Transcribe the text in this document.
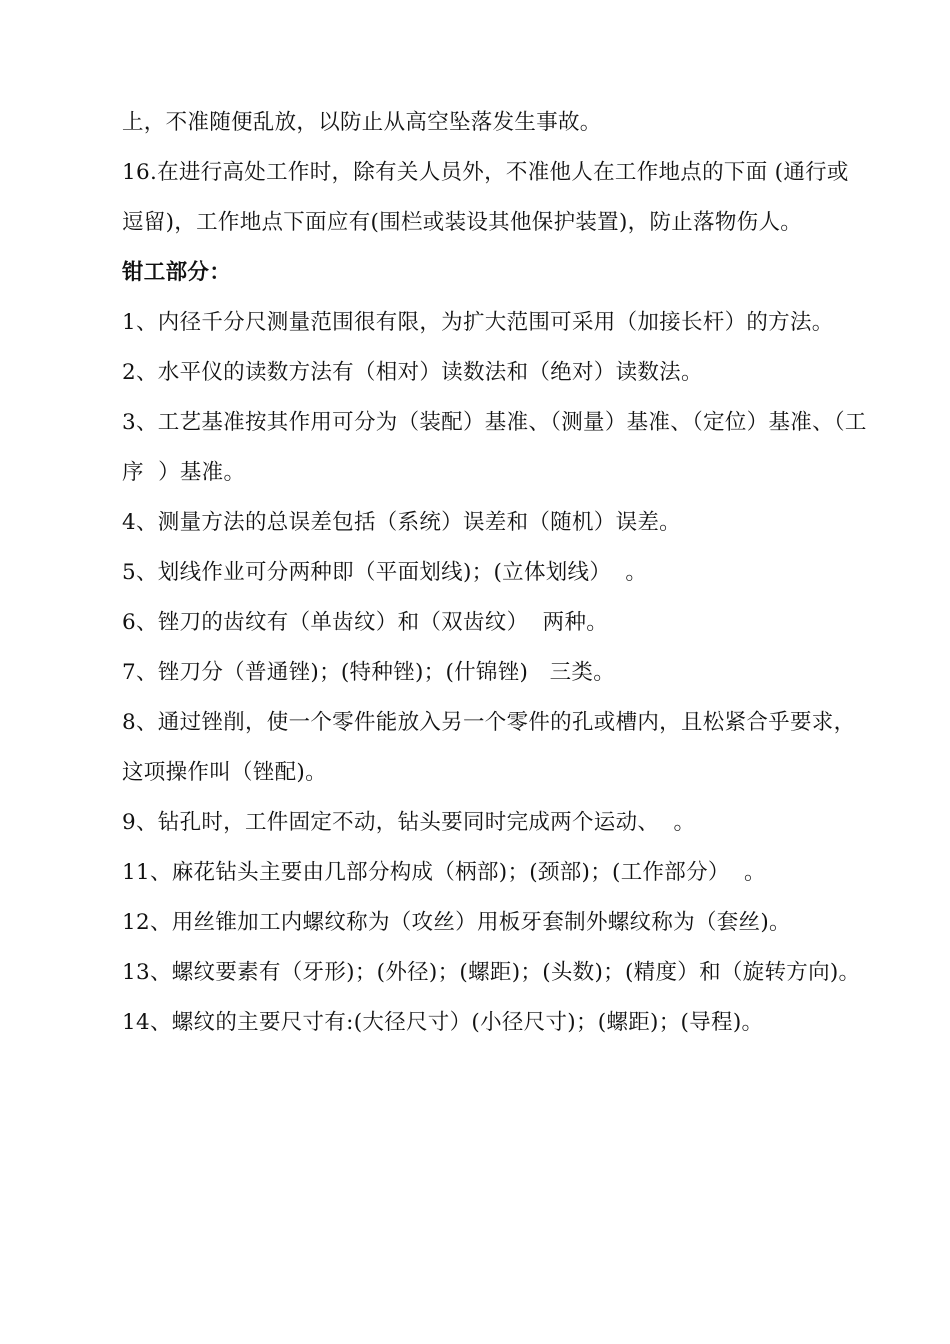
上，不准随便乱放，以防止从高空坠落发生事故。

16.在进行高处工作时，除有关人员外，不准他人在工作地点的下面 (通行或逗留)，工作地点下面应有(围栏或装设其他保护装置)，防止落物伤人。

钳工部分：

1、内径千分尺测量范围很有限，为扩大范围可采用（加接长杆）的方法。

2、水平仪的读数方法有（相对）读数法和（绝对）读数法。

3、工艺基准按其作用可分为（装配）基准、（测量）基准、（定位）基准、（工序  ）基准。

4、测量方法的总误差包括（系统）误差和（随机）误差。

5、划线作业可分两种即（平面划线)；(立体划线）  。

6、锉刀的齿纹有（单齿纹）和（双齿纹）  两种。

7、锉刀分（普通锉)；(特种锉)；(什锦锉)   三类。

8、通过锉削，使一个零件能放入另一个零件的孔或槽内，且松紧合乎要求，这项操作叫（锉配)。

9、钻孔时，工件固定不动，钻头要同时完成两个运动、  。

11、麻花钻头主要由几部分构成（柄部)；(颈部)；(工作部分）  。

12、用丝锥加工内螺纹称为（攻丝）用板牙套制外螺纹称为（套丝)。

13、螺纹要素有（牙形)；(外径)；(螺距)；(头数)；(精度）和（旋转方向)。

14、螺纹的主要尺寸有:(大径尺寸）(小径尺寸)；(螺距)；(导程)。
